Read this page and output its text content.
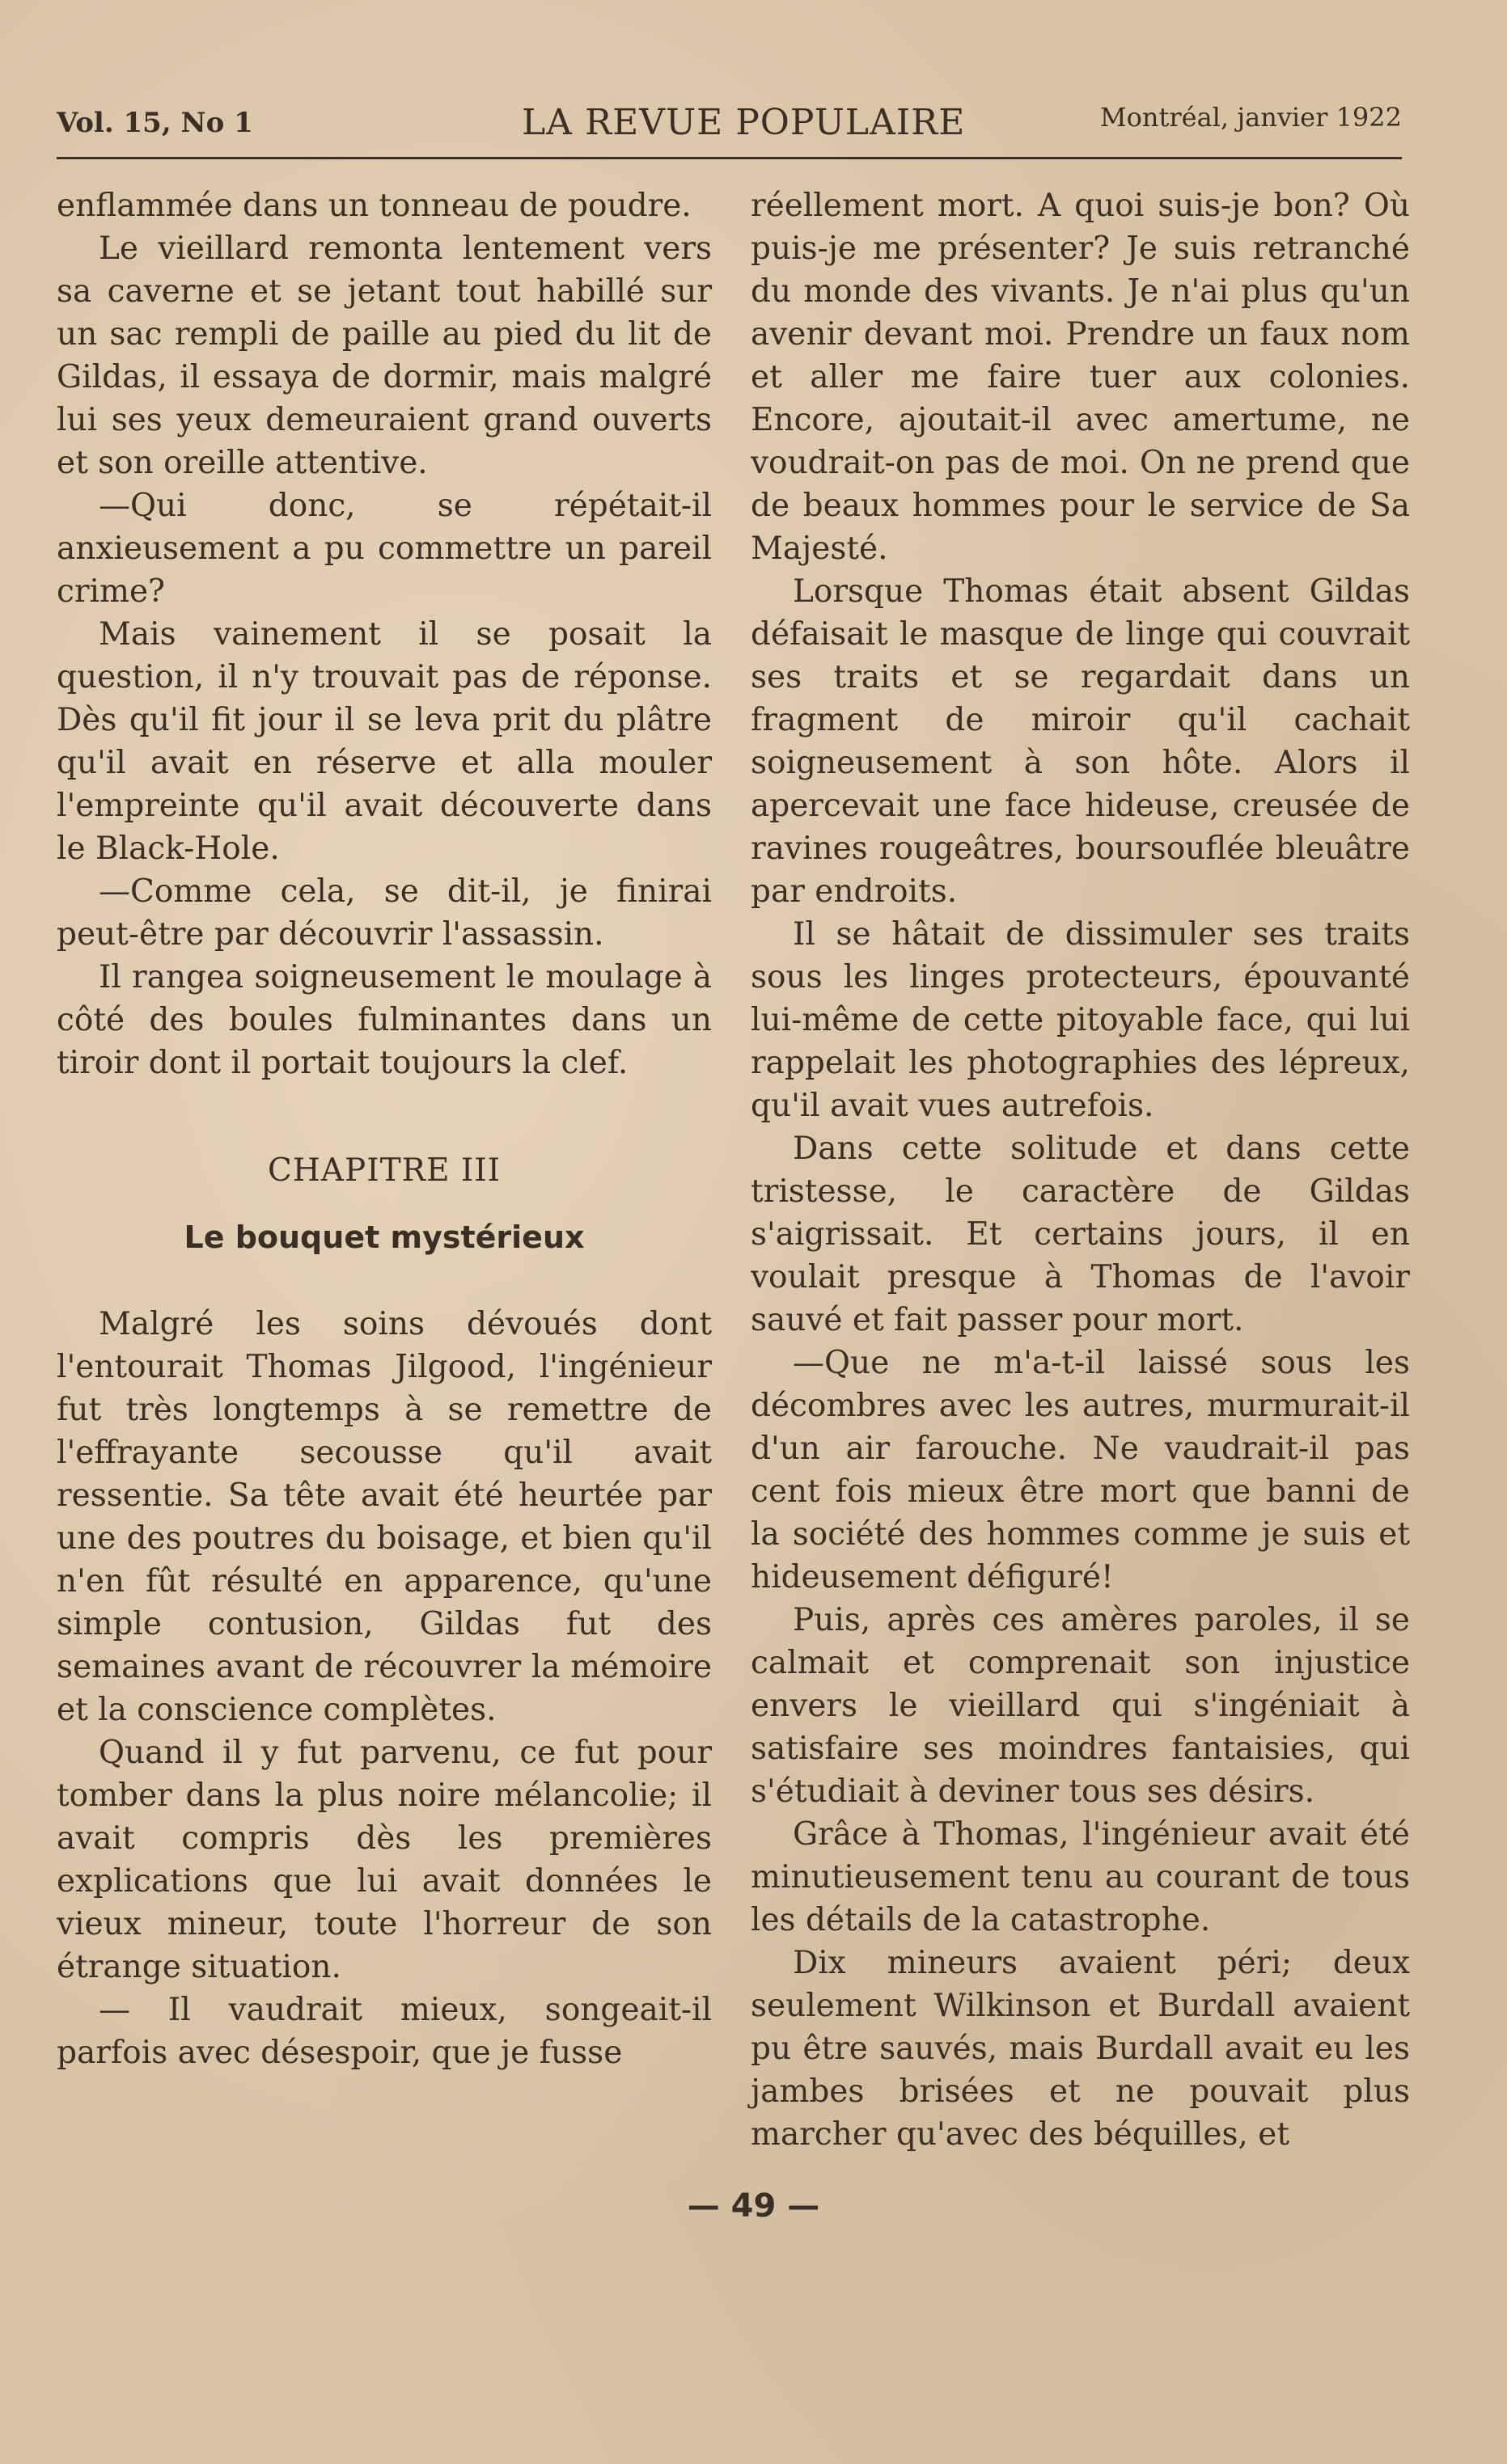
Vol. 15, No 1	LA REVUE POPULAIRE	Montréal, janvier 1922

enflammée dans un tonneau de poudre.

Le vieillard remonta lentement vers sa caverne et se jetant tout habillé sur un sac rempli de paille au pied du lit de Gildas, il essaya de dormir, mais malgré lui ses yeux demeuraient grand ouverts et son oreille attentive.

—Qui donc, se répétait-il anxieusement a pu commettre un pareil crime?

Mais vainement il se posait la question, il n'y trouvait pas de réponse. Dès qu'il fit jour il se leva prit du plâtre qu'il avait en réserve et alla mouler l'empreinte qu'il avait découverte dans le Black-Hole.

—Comme cela, se dit-il, je finirai peut-être par découvrir l'assassin.

Il rangea soigneusement le moulage à côté des boules fulminantes dans un tiroir dont il portait toujours la clef.

CHAPITRE III
Le bouquet mystérieux

Malgré les soins dévoués dont l'entourait Thomas Jilgood, l'ingénieur fut très longtemps à se remettre de l'effrayante secousse qu'il avait ressentie. Sa tête avait été heurtée par une des poutres du boisage, et bien qu'il n'en fût résulté en apparence, qu'une simple contusion, Gildas fut des semaines avant de récouvrer la mémoire et la conscience complètes.

Quand il y fut parvenu, ce fut pour tomber dans la plus noire mélancolie; il avait compris dès les premières explications que lui avait données le vieux mineur, toute l'horreur de son étrange situation.

— Il vaudrait mieux, songeait-il parfois avec désespoir, que je fusse

réellement mort. A quoi suis-je bon? Où puis-je me présenter? Je suis retranché du monde des vivants. Je n'ai plus qu'un avenir devant moi. Prendre un faux nom et aller me faire tuer aux colonies. Encore, ajoutait-il avec amertume, ne voudrait-on pas de moi. On ne prend que de beaux hommes pour le service de Sa Majesté.

Lorsque Thomas était absent Gildas défaisait le masque de linge qui couvrait ses traits et se regardait dans un fragment de miroir qu'il cachait soigneusement à son hôte. Alors il apercevait une face hideuse, creusée de ravines rougeâtres, boursouflée bleuâtre par endroits.

Il se hâtait de dissimuler ses traits sous les linges protecteurs, épouvanté lui-même de cette pitoyable face, qui lui rappelait les photographies des lépreux, qu'il avait vues autrefois.

Dans cette solitude et dans cette tristesse, le caractère de Gildas s'aigrissait. Et certains jours, il en voulait presque à Thomas de l'avoir sauvé et fait passer pour mort.

—Que ne m'a-t-il laissé sous les décombres avec les autres, murmurait-il d'un air farouche. Ne vaudrait-il pas cent fois mieux être mort que banni de la société des hommes comme je suis et hideusement défiguré!

Puis, après ces amères paroles, il se calmait et comprenait son injustice envers le vieillard qui s'ingéniait à satisfaire ses moindres fantaisies, qui s'étudiait à deviner tous ses désirs.

Grâce à Thomas, l'ingénieur avait été minutieusement tenu au courant de tous les détails de la catastrophe.

Dix mineurs avaient péri; deux seulement Wilkinson et Burdall avaient pu être sauvés, mais Burdall avait eu les jambes brisées et ne pouvait plus marcher qu'avec des béquilles, et

— 49 —
